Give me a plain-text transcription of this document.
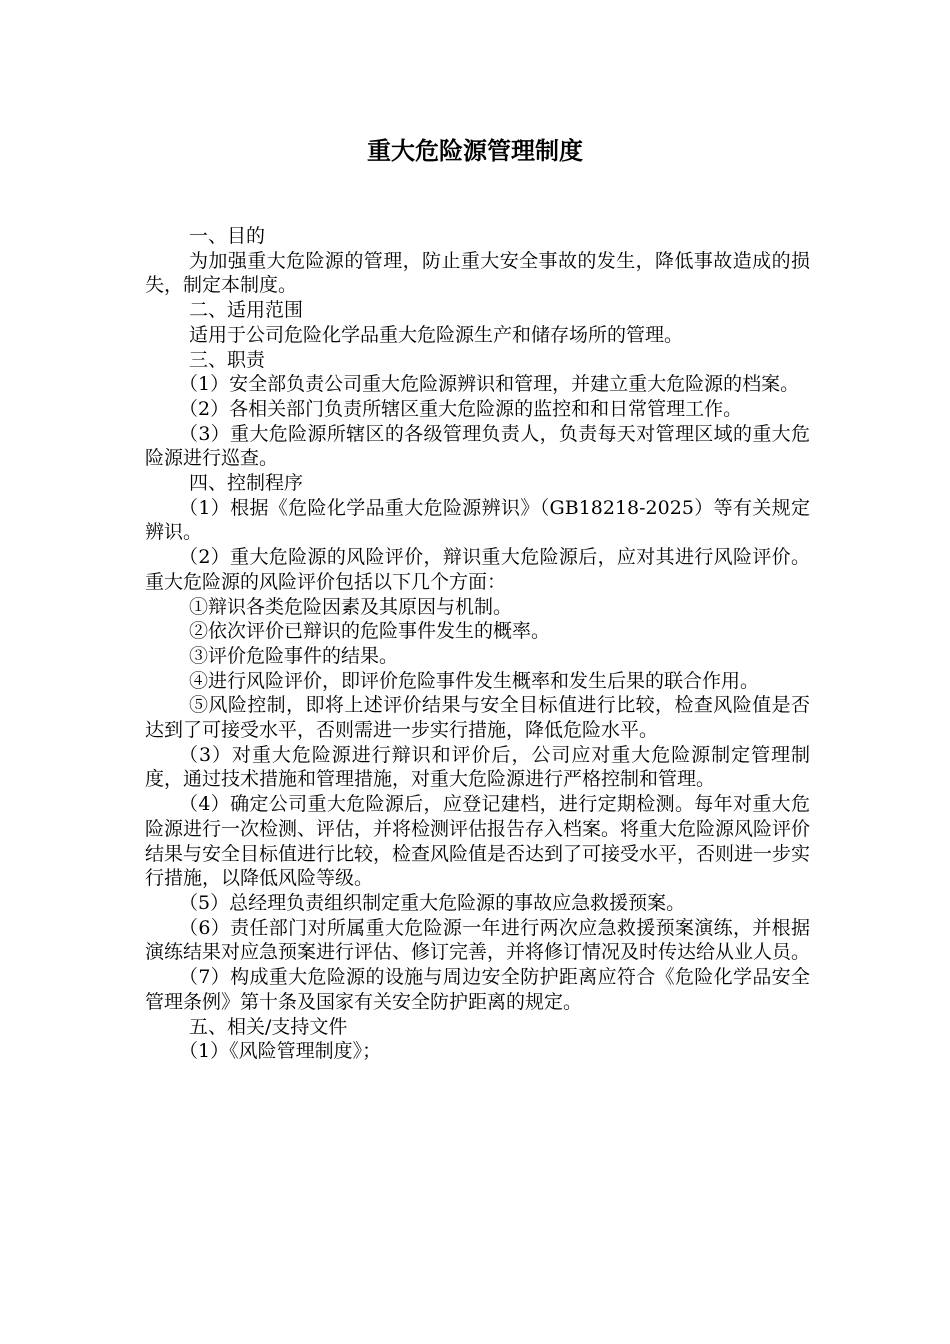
重大危险源管理制度

一、目的

为加强重大危险源的管理，防止重大安全事故的发生，降低事故造成的损失，制定本制度。

二、适用范围

适用于公司危险化学品重大危险源生产和储存场所的管理。

三、职责

（1）安全部负责公司重大危险源辨识和管理，并建立重大危险源的档案。

（2）各相关部门负责所辖区重大危险源的监控和和日常管理工作。

（3）重大危险源所辖区的各级管理负责人，负责每天对管理区域的重大危险源进行巡查。

四、控制程序

（1）根据《危险化学品重大危险源辨识》（GB18218-2025）等有关规定辨识。

（2）重大危险源的风险评价，辩识重大危险源后，应对其进行风险评价。重大危险源的风险评价包括以下几个方面：

①辩识各类危险因素及其原因与机制。

②依次评价已辩识的危险事件发生的概率。

③评价危险事件的结果。

④进行风险评价，即评价危险事件发生概率和发生后果的联合作用。

⑤风险控制，即将上述评价结果与安全目标值进行比较，检查风险值是否达到了可接受水平，否则需进一步实行措施，降低危险水平。

（3）对重大危险源进行辩识和评价后，公司应对重大危险源制定管理制度，通过技术措施和管理措施，对重大危险源进行严格控制和管理。

（4）确定公司重大危险源后，应登记建档，进行定期检测。每年对重大危险源进行一次检测、评估，并将检测评估报告存入档案。将重大危险源风险评价结果与安全目标值进行比较，检查风险值是否达到了可接受水平，否则进一步实行措施，以降低风险等级。

（5）总经理负责组织制定重大危险源的事故应急救援预案。

（6）责任部门对所属重大危险源一年进行两次应急救援预案演练，并根据演练结果对应急预案进行评估、修订完善，并将修订情况及时传达给从业人员。

（7）构成重大危险源的设施与周边安全防护距离应符合《危险化学品安全管理条例》第十条及国家有关安全防护距离的规定。

五、相关/支持文件

（1）《风险管理制度》；
